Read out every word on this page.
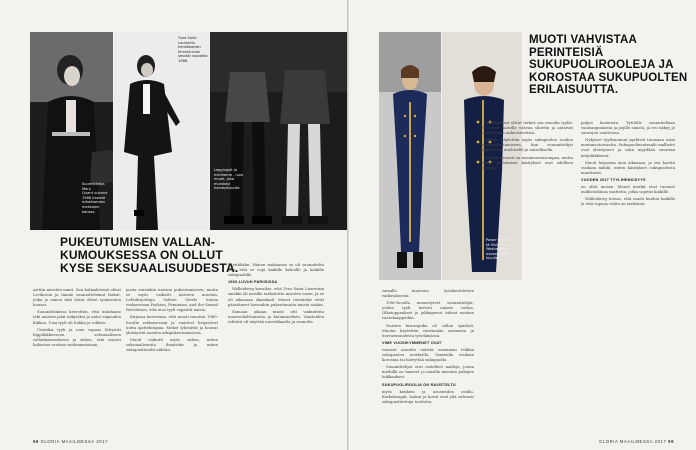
Suunnittelija Mary
Quant vuonna
1966 itsensä
mitoittamien
mekkojen kanssa.
Yves Saint
Laurentin
henkäisevän
feminiininen
smokki vuodelta
1966.
Leggingsit ja
minihame - uusi
muoti, joka
murskasi
hamepituudet.
PUKEUTUMISEN VALLAN-
KUMOUKSESSA ON OLLUT
KYSE SEKSUAALISUUDESTA.

asttiin miesten mmit. Sen kulmakivenä olivat Levikoron ja tämän suunnittelemat farkut, jotka jo ennen tätä olivat olleet työmiesten housut.

Suunnitelmissa kerrottiin, että minihame teki naisten jalat näkyviksi ja antoi vapauden liikkua. Uusi tyyli oli tiukka ja rohkea.

Uniseksi tyyli ja uusi vapaus liittyivät hippiliikkeeseen, seksuaaliseen vallankumoukseen ja siihen, että nuoret halusivat erottua vanhemmistaan.

posta varsinkin naisten pukeutumiseen, mutta se myös vaikutti miesten muotiin. Lehtikirjoittaja Valerie Steele toteaa teoksessaan Fashion, Feminism, and the Sexual Revolution, että uusi tyyli vapautti naisia.

Kirjassa kerrotaan, että muoti muuttui 1960-luvulla ratkaisevasti ja vaatteet heijastivat uutta ajattelutapaa. Mekot lyhenivät ja housut yleistyivät naisten arkipukeutumisessa.

Muoti vaikutti myös siihen, miten seksuaalisuutta ilmaistiin ja miten sukupuoliroolit nähtiin.

käyttäkään. Hänen mukaansa se oli suunniteltu niin, että se sopi kaikille kehoille ja kaikille sukupuolille.

1960-LUVUN PARIISISSA

Wallenberg kuvailee, että Yves Saint Laurentin smokki oli naisille tarkoitettu miesten vaate, ja se oli aikanaan skandaali. Monet ravintolat eivät päästäneet housuihin pukeutunutta naista sisään.

Samaan aikaan muoti otti vaikutteita nuorisokulttuurista ja katumuodista. Vaatteiden tehtävä oli näyttää nuorekkaalta ja rennolta.

96 GLORIA MAAILMESSA 2017
Power dressing:
tä Vivienne
Westwoodin
asussa 1990-
luvulla.
MUOTI VAHVISTAA PERINTEISIÄ
SUKUPUOLIROOLEJA JA
KOROSTAA SUKUPUOLTEN
ERILAISUUTTA.

samalla muotona työskentelevien vaikutuksesta.

1980-luvulla menestyivät suunnittelijat, joiden tyyli korosti naisen valtaa. Olkatoppaukset ja jakkupuvut tulivat naisten vaatekaappeihin.

Naisten bisnespuku oli vallan symboli. Muotia käytettiin viestimään asemasta ja itsevarmuudesta työelämässä.

VIME VUOSIKYMMENET OVAT

tuoneet muotiin entistä enemmän leikkiä sukupuolen merkeillä. Vaatteilla voidaan korostaa tai häivyttää sukupuolta.

Suunnittelijat ovat esitelleet malleja, joissa miehillä on hameet ja naisilla miesten pukujen leikkaukset.

SUKUPUOLIROOLIA ON RAVISTELTU

myös kenkien ja asusteiden avulla. Korkokengät, laukut ja korut ovat yhä vahvasti sukupuolitettuja tuotteita.

Olkaltoukset olivat tärkeä osa muodin tyyliä. Ne loivat naiselle vahvan siluetin ja antoivat vaikutelman auktoriteetista.

Muotia käytettiin myös sukupuolen roolien kyseenalaistamiseen, kun suunnittelijat leikittelivät miehisellä ja naisellisella.

Nykyään muoti on monimuotoisempaa, mutta monet perinteiset käsitykset ovat edelleen vahvoja.

paljon huomiota. Tyttöille suunnitellaan vaaleanpunaista ja pojille sinistä, ja ero näkyy jo vauvojen vaatteissa.

Nykyiset tyylisuunnat pyrkivät tuomaan esiin monimuotoisuutta. Sukupuolineutraalit mallistot ovat yleistyneet ja niitä myydään suurissa ketjuliikkeissä.

Muoti heijastaa aina aikaansa, ja sen kautta voidaan nähdä, miten käsitykset sukupuolesta muuttuvat.

VUODEN 2017 TYYLIHENKISYYS

on ollut unisex. Monet merkit ovat tuoneet mallistoihinsa vaatteita, jotka sopivat kaikille.

Wallenberg toteaa, että muoti kuuluu kaikille ja että vapaus valita on tärkeintä.

GLORIA MAAILMESSA 2017 99
